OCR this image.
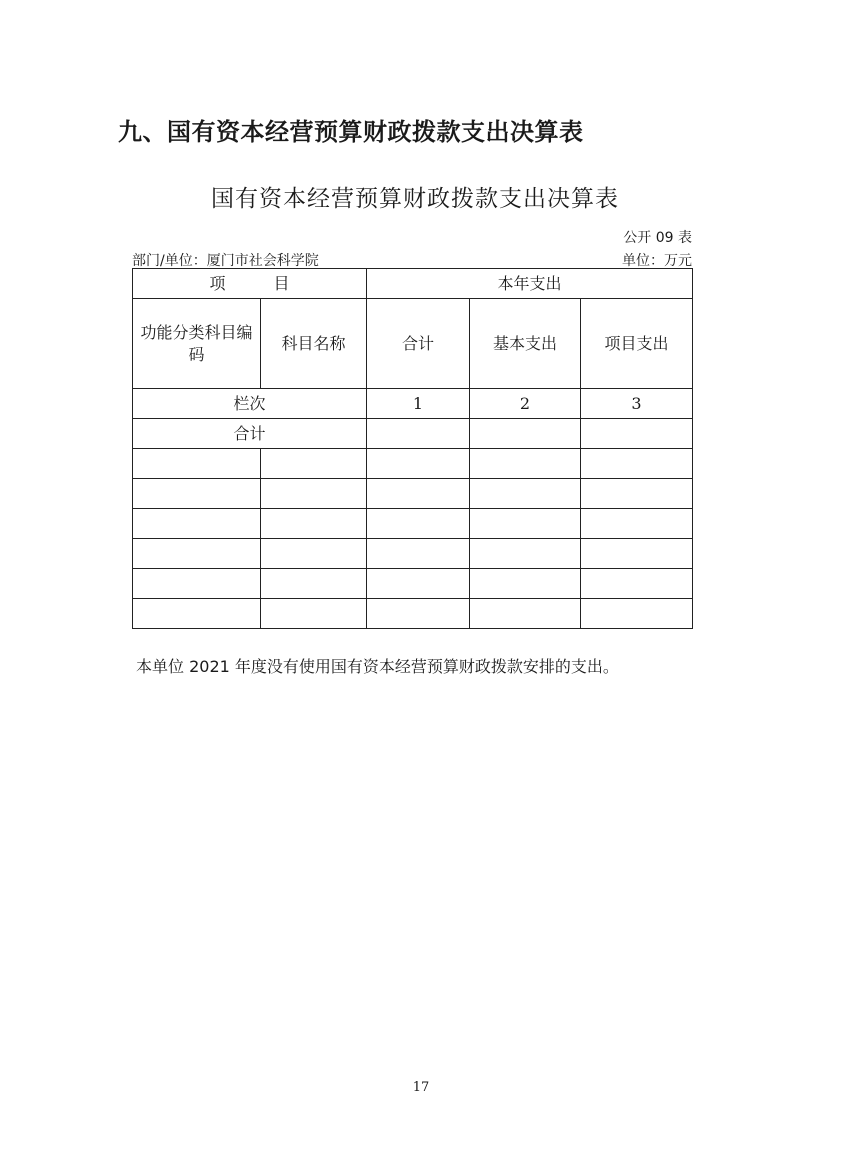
九、国有资本经营预算财政拨款支出决算表
国有资本经营预算财政拨款支出决算表
公开 09 表
部门/单位：厦门市社会科学院	单位：万元
项　　　目		本年支出		
功能分类科目编码	科目名称	合计	基本支出	项目支出
栏次		1	2	3
合计				

本单位 2021 年度没有使用国有资本经营预算财政拨款安排的支出。
17
